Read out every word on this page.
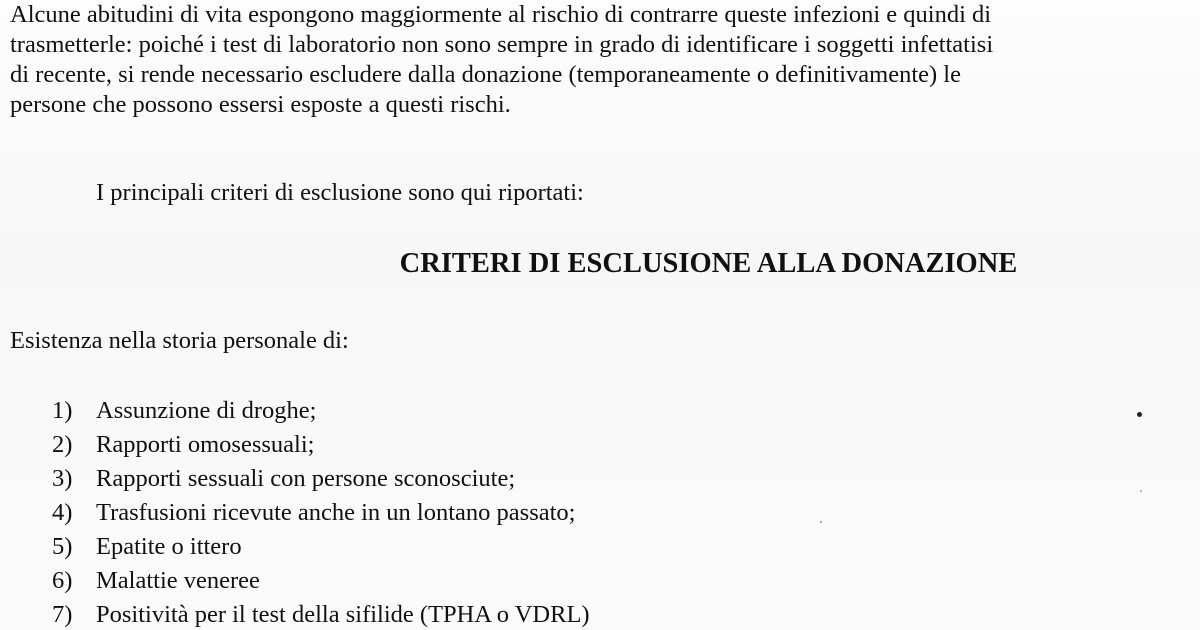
Alcune abitudini di vita espongono maggiormente al rischio di contrarre queste infezioni e quindi di
trasmetterle: poiché i test di laboratorio non sono sempre in grado di identificare i soggetti infettatisi
di recente, si rende necessario escludere dalla donazione (temporaneamente o definitivamente) le
persone che possono essersi esposte a questi rischi.

I principali criteri di esclusione sono qui riportati:

CRITERI DI ESCLUSIONE ALLA DONAZIONE

Esistenza nella storia personale di:

1) Assunzione di droghe;
2) Rapporti omosessuali;
3) Rapporti sessuali con persone sconosciute;
4) Trasfusioni ricevute anche in un lontano passato;
5) Epatite o ittero
6) Malattie veneree
7) Positività per il test della sifilide (TPHA o VDRL)
